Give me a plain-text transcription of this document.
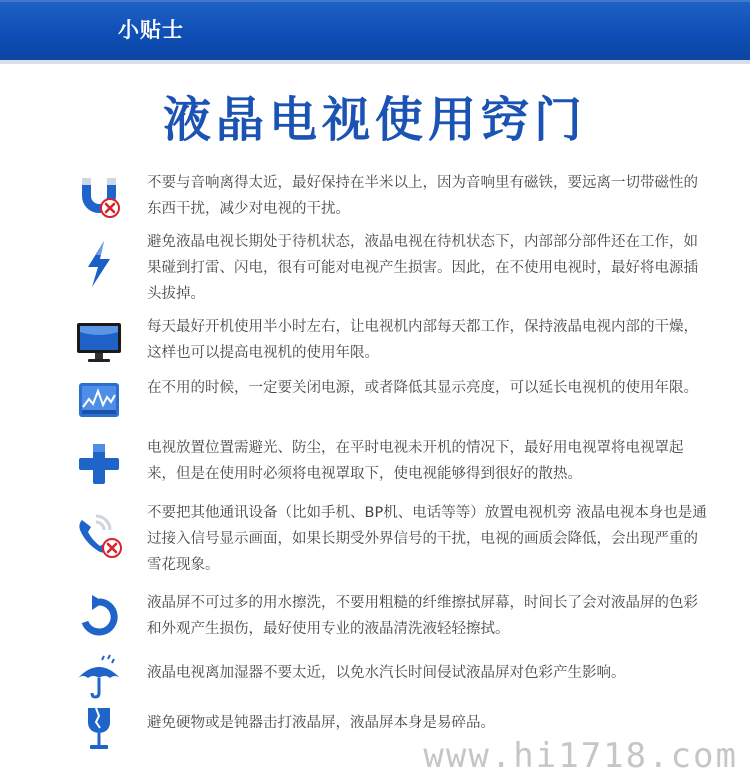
小贴士
液晶电视使用窍门
不要与音响离得太近，最好保持在半米以上，因为音响里有磁铁，要远离一切带磁性的东西干扰，减少对电视的干扰。
避免液晶电视长期处于待机状态，液晶电视在待机状态下，内部部分部件还在工作，如果碰到打雷、闪电，很有可能对电视产生损害。因此，在不使用电视时，最好将电源插头拔掉。
每天最好开机使用半小时左右，让电视机内部每天都工作，保持液晶电视内部的干燥，这样也可以提高电视机的使用年限。
在不用的时候，一定要关闭电源，或者降低其显示亮度，可以延长电视机的使用年限。
电视放置位置需避光、防尘，在平时电视未开机的情况下，最好用电视罩将电视罩起来，但是在使用时必须将电视罩取下，使电视能够得到很好的散热。
不要把其他通讯设备（比如手机、BP机、电话等等）放置电视机旁 液晶电视本身也是通过接入信号显示画面，如果长期受外界信号的干扰，电视的画质会降低，会出现严重的雪花现象。
液晶屏不可过多的用水擦洗，不要用粗糙的纤维擦拭屏幕，时间长了会对液晶屏的色彩和外观产生损伤，最好使用专业的液晶清洗液轻轻擦拭。
液晶电视离加湿器不要太近，以免水汽长时间侵试液晶屏对色彩产生影响。
避免硬物或是钝器击打液晶屏，液晶屏本身是易碎品。
www.hi1718.com
